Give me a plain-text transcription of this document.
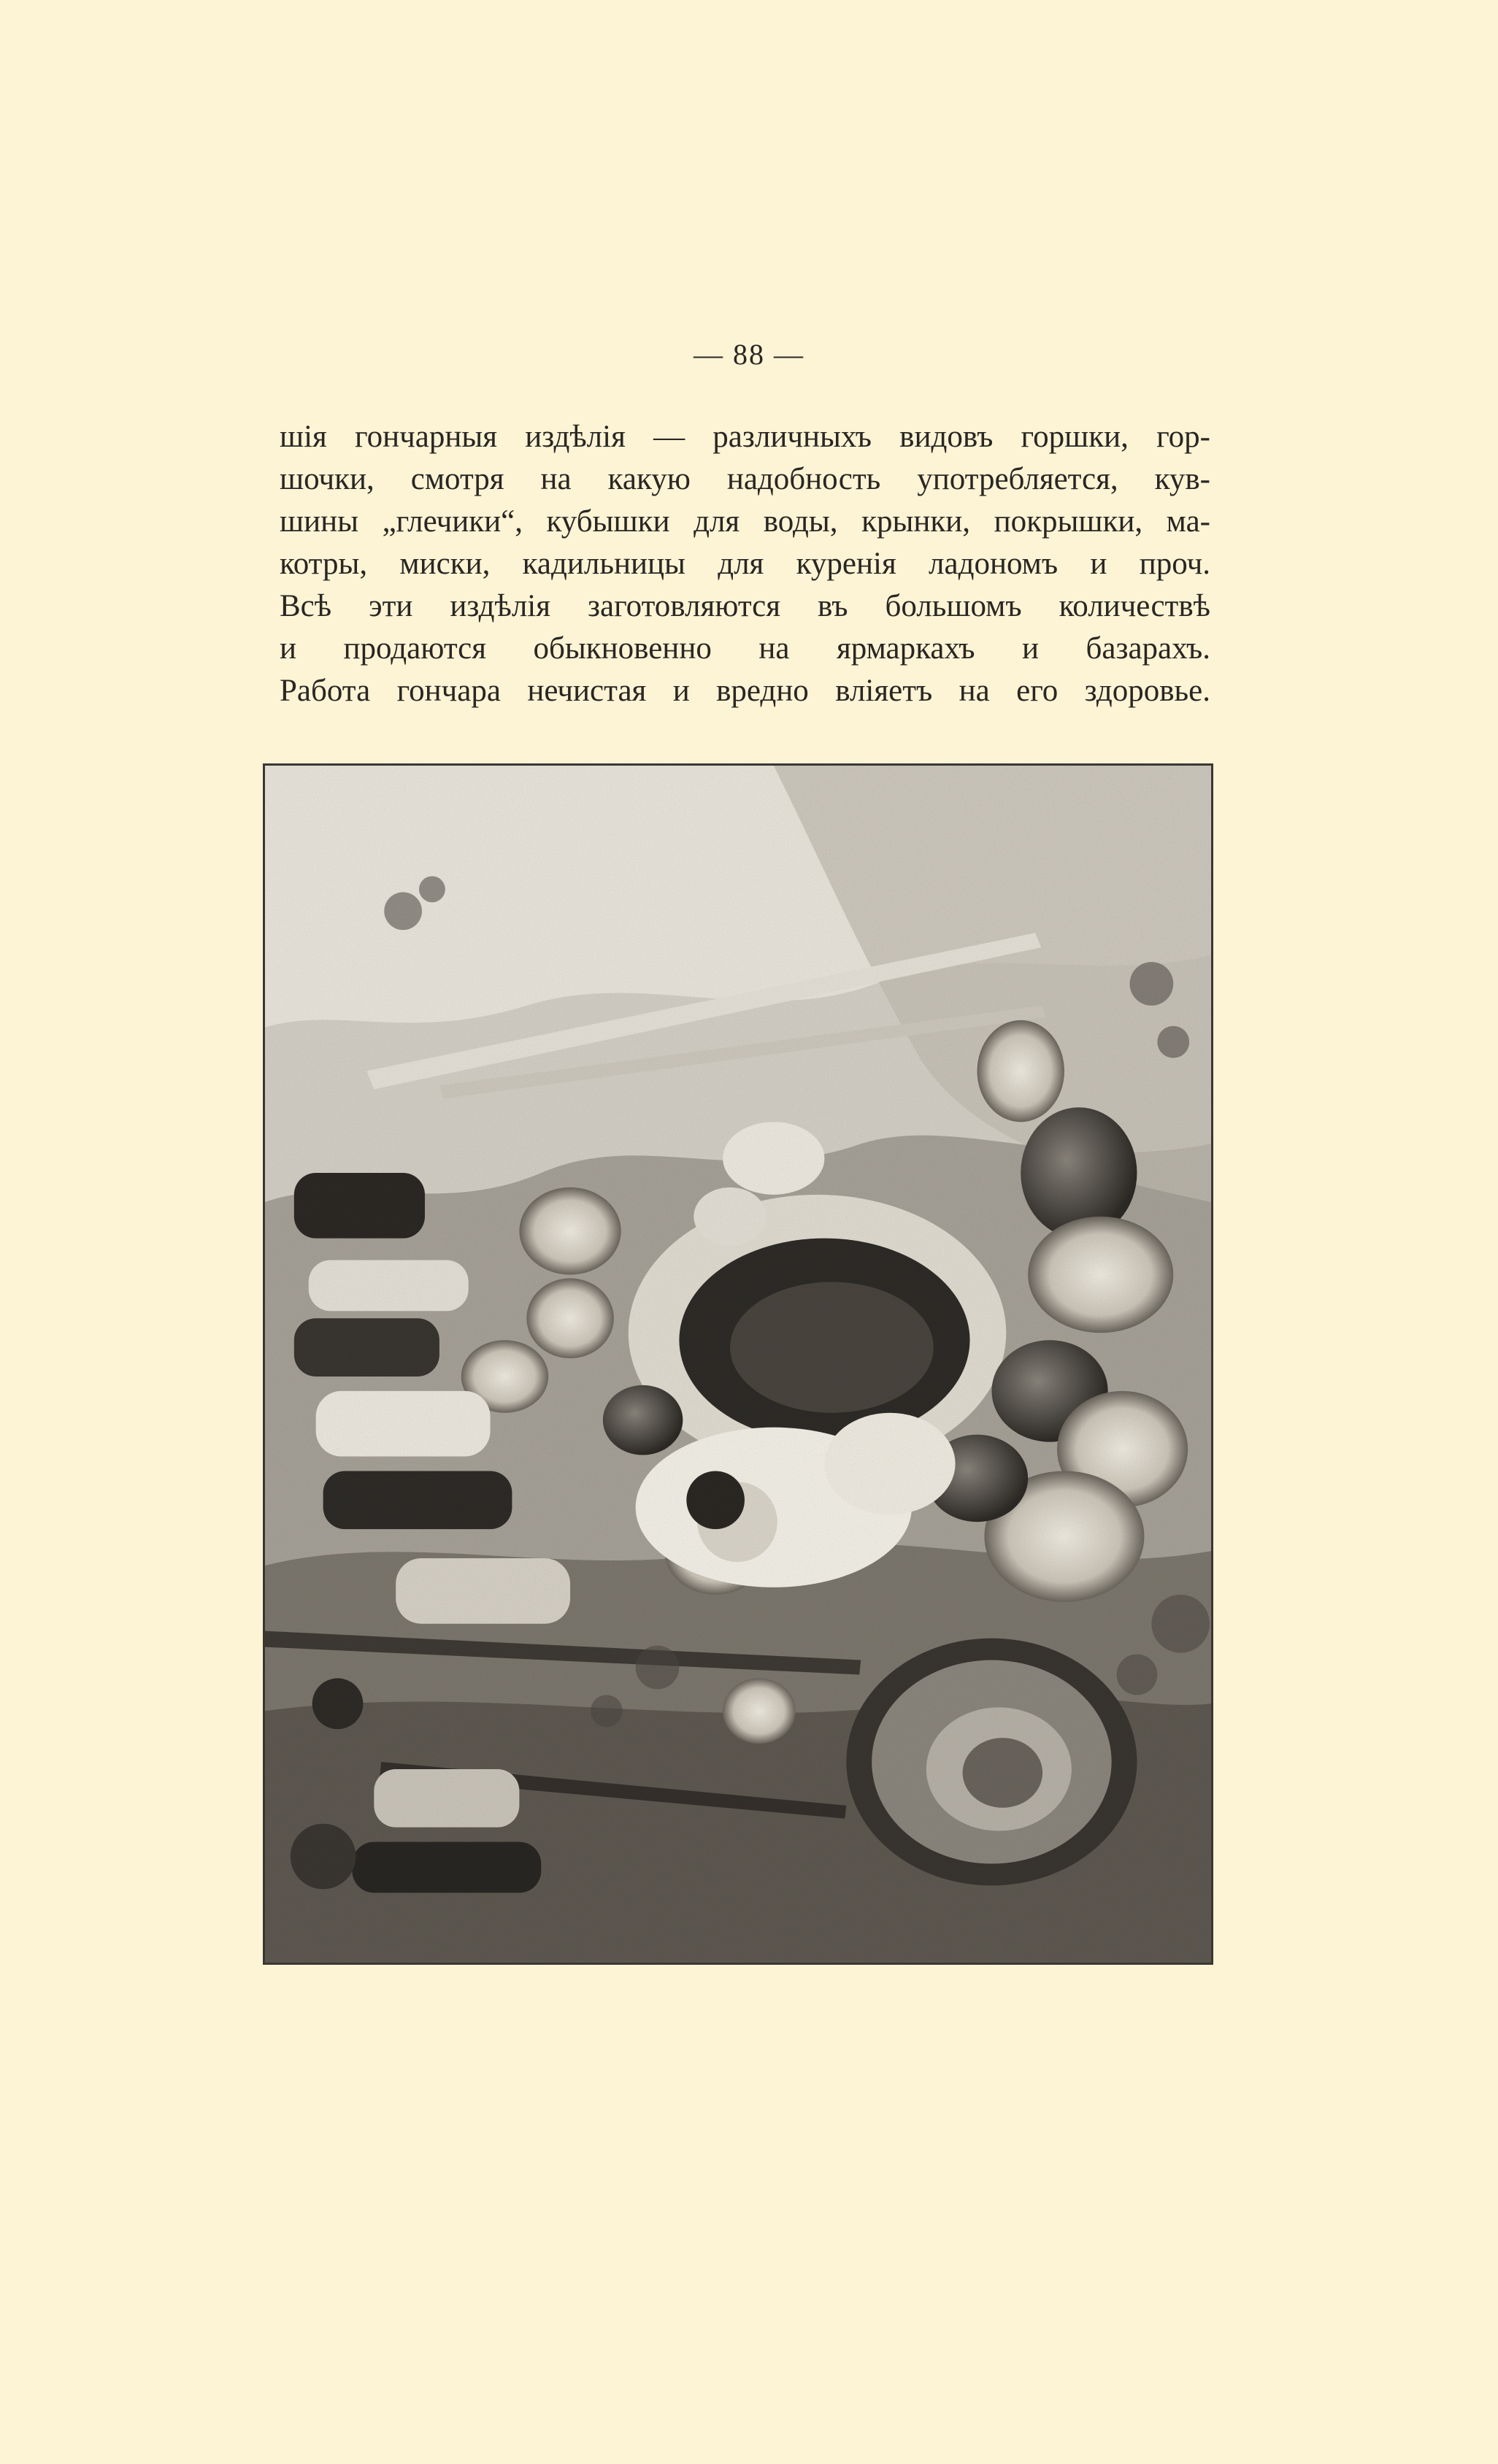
— 88 —
шія гончарныя издѣлія — различныхъ видовъ горшки, гор-
шочки, смотря на какую надобность употребляется, кув-
шины „глечики“, кубышки для воды, крынки, покрышки, ма-
котры, миски, кадильницы для куренія ладономъ и проч.
Всѣ эти издѣлія заготовляются въ большомъ количествѣ
и продаются обыкновенно на ярмаркахъ и базарахъ.
Работа гончара нечистая и вредно вліяетъ на его здоровье.
